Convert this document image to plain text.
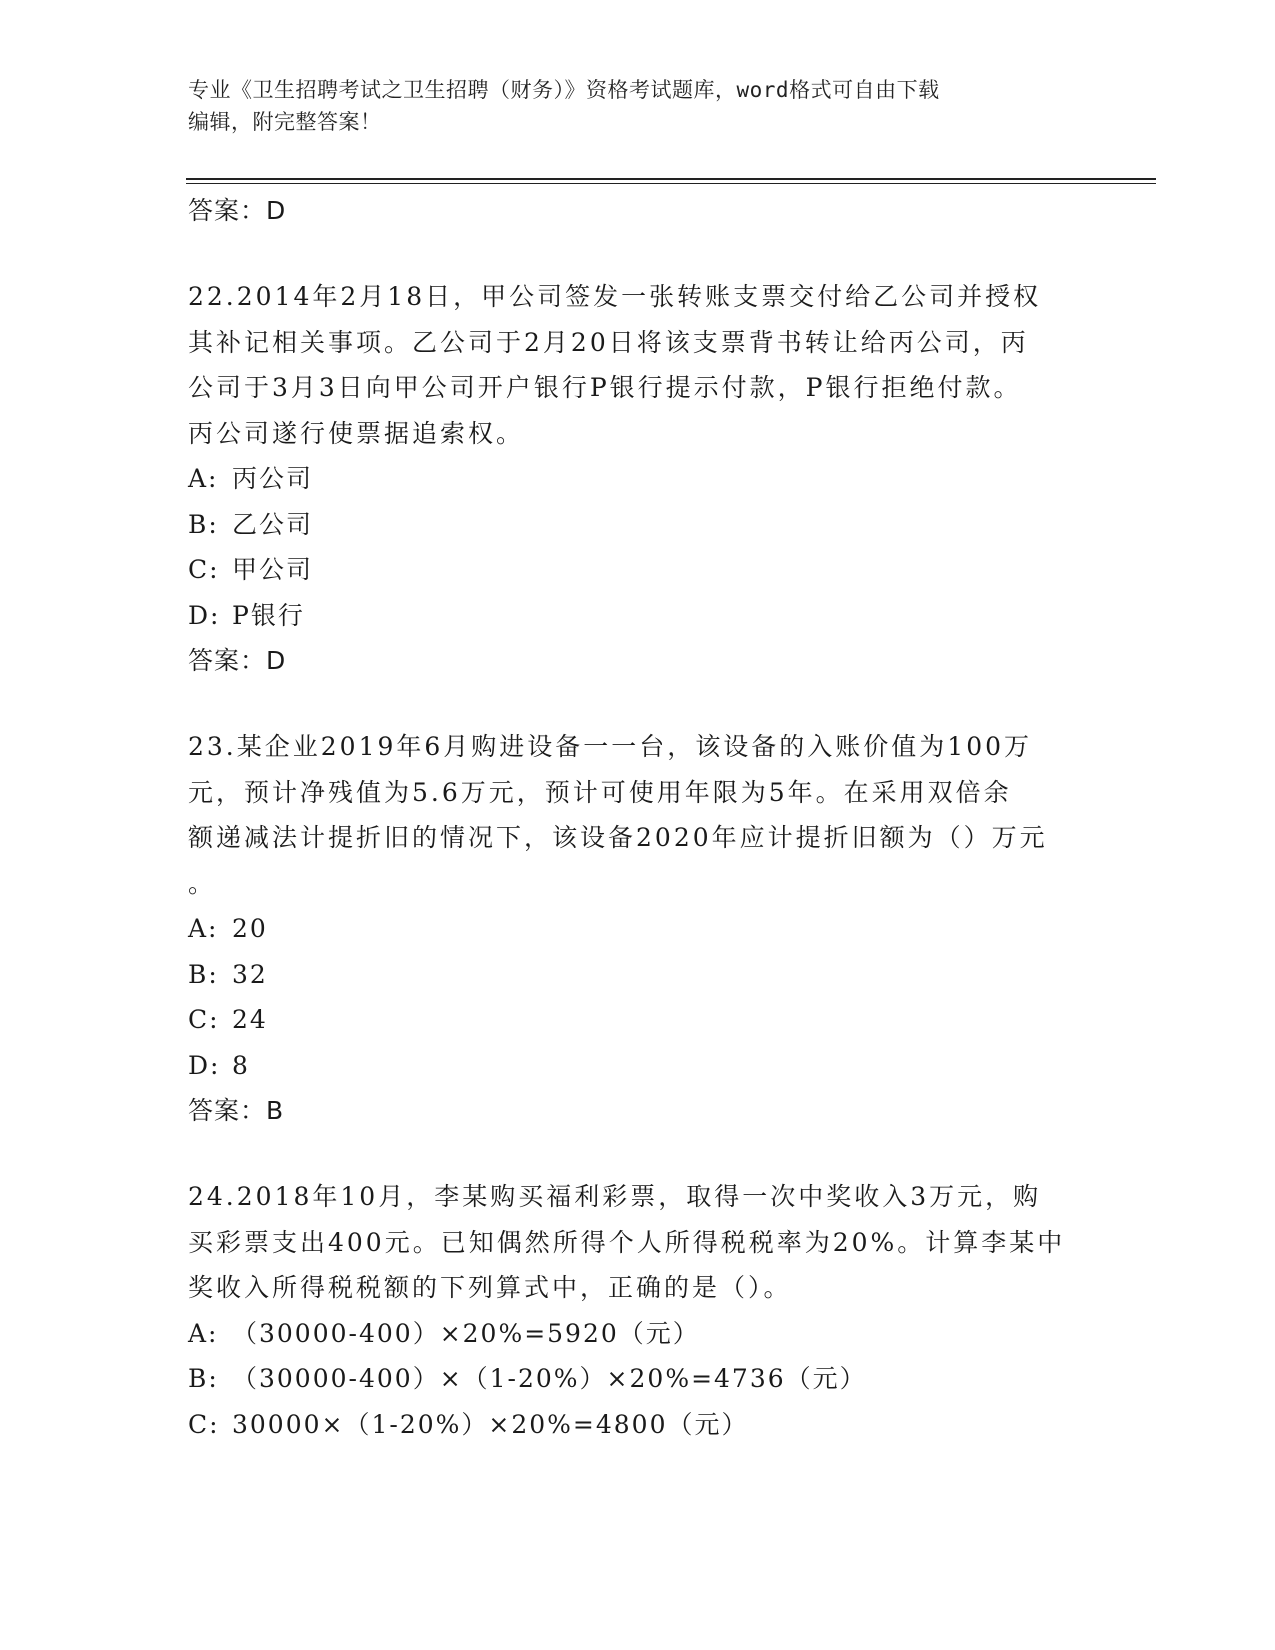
专业《卫生招聘考试之卫生招聘（财务）》资格考试题库，word格式可自由下载
编辑，附完整答案！
答案：D
22.2014年2月18日，甲公司签发一张转账支票交付给乙公司并授权
其补记相关事项。乙公司于2月20日将该支票背书转让给丙公司，丙
公司于3月3日向甲公司开户银行P银行提示付款，P银行拒绝付款。
丙公司遂行使票据追索权。
A: 丙公司
B: 乙公司
C: 甲公司
D: P银行
答案：D
23.某企业2019年6月购进设备一一台，该设备的入账价值为100万
元，预计净残值为5.6万元，预计可使用年限为5年。在采用双倍余
额递减法计提折旧的情况下，该设备2020年应计提折旧额为（）万元
。
A: 20
B: 32
C: 24
D: 8
答案：B
24.2018年10月，李某购买福利彩票，取得一次中奖收入3万元，购
买彩票支出400元。已知偶然所得个人所得税税率为20%。计算李某中
奖收入所得税税额的下列算式中，正确的是（）。
A: （30000-400）×20%=5920（元）
B: （30000-400）×（1-20%）×20%=4736（元）
C: 30000×（1-20%）×20%=4800（元）
